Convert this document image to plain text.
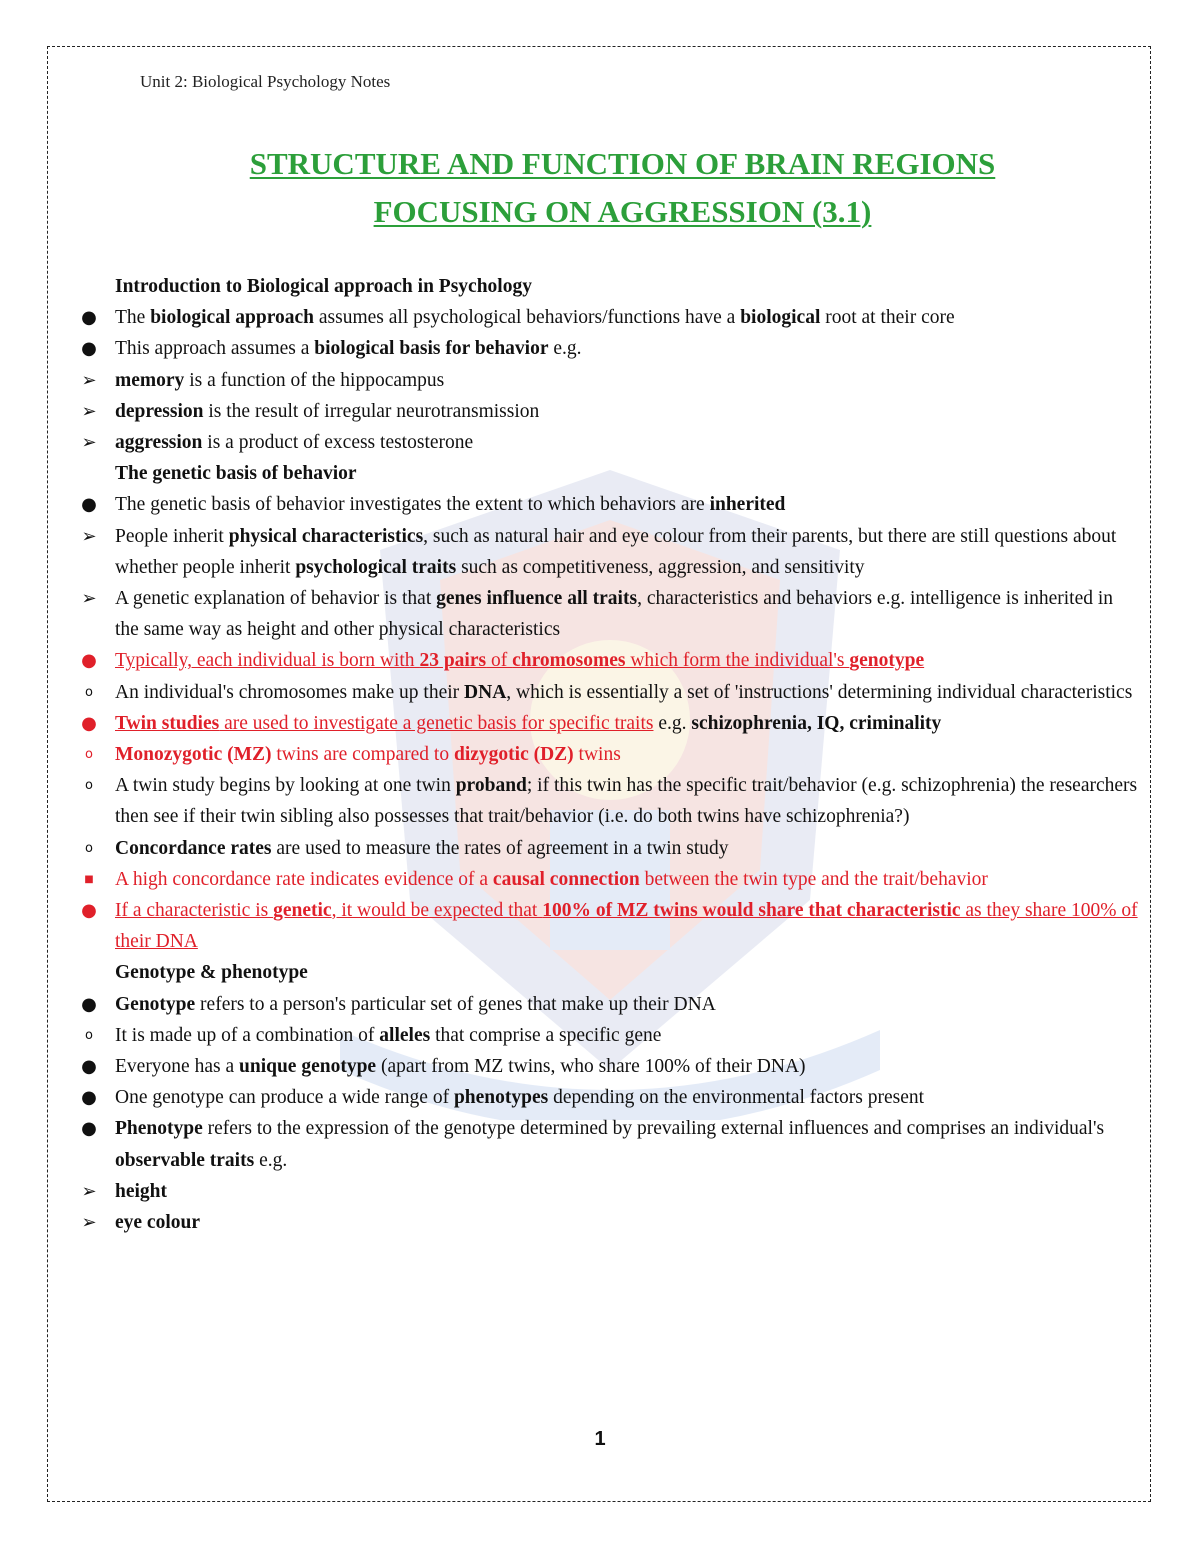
Unit 2: Biological Psychology Notes
STRUCTURE AND FUNCTION OF BRAIN REGIONS
FOCUSING ON AGGRESSION (3.1)
Introduction to Biological approach in Psychology
● The biological approach assumes all psychological behaviors/functions have a biological root at their core
● This approach assumes a biological basis for behavior e.g.
➢ memory is a function of the hippocampus
➢ depression is the result of irregular neurotransmission
➢ aggression is a product of excess testosterone
The genetic basis of behavior
● The genetic basis of behavior investigates the extent to which behaviors are inherited
➢ People inherit physical characteristics, such as natural hair and eye colour from their parents, but there are still questions about whether people inherit psychological traits such as competitiveness, aggression, and sensitivity
➢ A genetic explanation of behavior is that genes influence all traits, characteristics and behaviors e.g. intelligence is inherited in the same way as height and other physical characteristics
● Typically, each individual is born with 23 pairs of chromosomes which form the individual's genotype
o	An individual's chromosomes make up their DNA, which is essentially a set of 'instructions' determining individual characteristics
● Twin studies are used to investigate a genetic basis for specific traits e.g. schizophrenia, IQ, criminality
o	Monozygotic (MZ) twins are compared to dizygotic (DZ) twins
o	A twin study begins by looking at one twin proband; if this twin has the specific trait/behavior (e.g. schizophrenia) the researchers then see if their twin sibling also possesses that trait/behavior (i.e. do both twins have schizophrenia?)
o	Concordance rates are used to measure the rates of agreement in a twin study
■	A high concordance rate indicates evidence of a causal connection between the twin type and the trait/behavior
● If a characteristic is genetic, it would be expected that 100% of MZ twins would share that characteristic as they share 100% of their DNA
Genotype & phenotype
● Genotype refers to a person's particular set of genes that make up their DNA
o	It is made up of a combination of alleles that comprise a specific gene
● Everyone has a unique genotype (apart from MZ twins, who share 100% of their DNA)
● One genotype can produce a wide range of phenotypes depending on the environmental factors present
● Phenotype refers to the expression of the genotype determined by prevailing external influences and comprises an individual's observable traits e.g.
➢ height
➢ eye colour
1
